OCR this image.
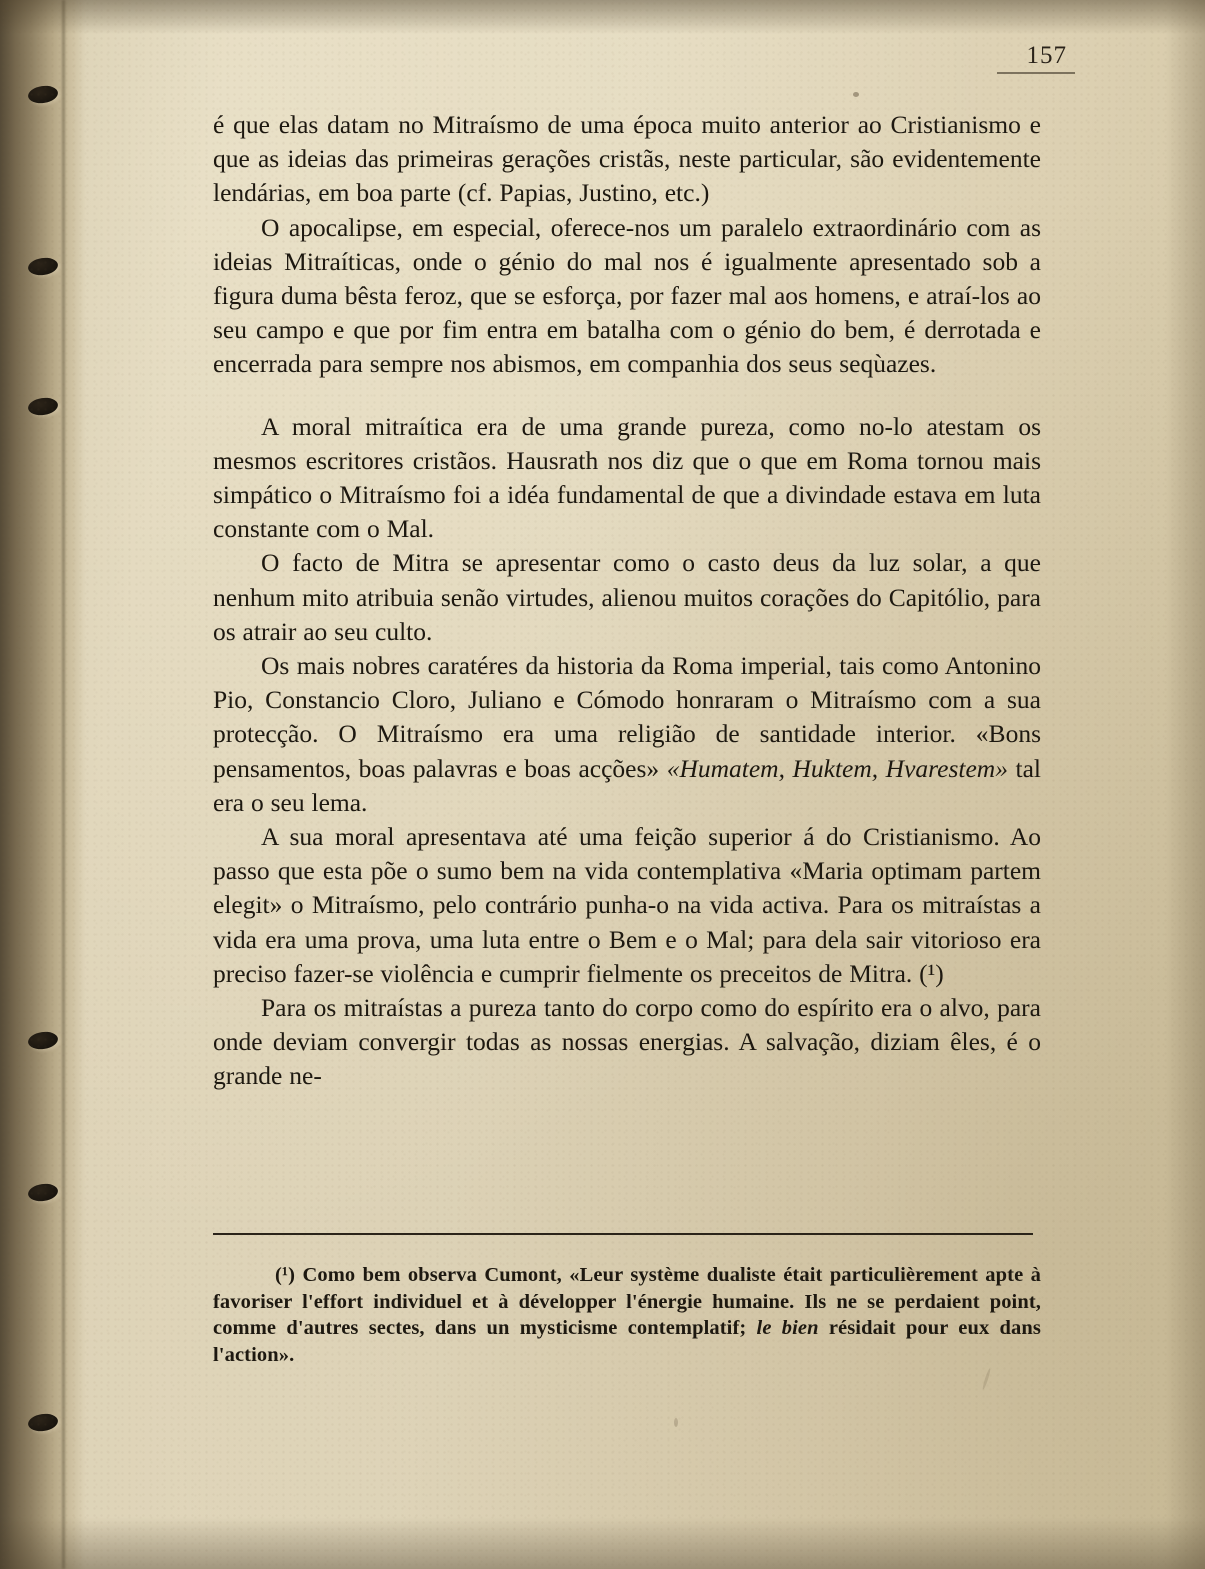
157

é que elas datam no Mitraísmo de uma época muito anterior ao Cristianismo e que as ideias das primeiras gerações cristãs, neste particular, são evidentemente lendárias, em boa parte (cf. Papias, Justino, etc.)

O apocalipse, em especial, oferece-nos um paralelo extraordinário com as ideias Mitraíticas, onde o génio do mal nos é igualmente apresentado sob a figura duma bêsta feroz, que se esforça, por fazer mal aos homens, e atraí-los ao seu campo e que por fim entra em batalha com o génio do bem, é derrotada e encerrada para sempre nos abismos, em companhia dos seus seqùazes.

A moral mitraítica era de uma grande pureza, como no-lo atestam os mesmos escritores cristãos. Hausrath nos diz que o que em Roma tornou mais simpático o Mitraísmo foi a idéa fundamental de que a divindade estava em luta constante com o Mal.

O facto de Mitra se apresentar como o casto deus da luz solar, a que nenhum mito atribuia senão virtudes, alienou muitos corações do Capitólio, para os atrair ao seu culto.

Os mais nobres caratéres da historia da Roma imperial, tais como Antonino Pio, Constancio Cloro, Juliano e Cómodo honraram o Mitraísmo com a sua protecção. O Mitraísmo era uma religião de santidade interior. «Bons pensamentos, boas palavras e boas acções» «Humatem, Huktem, Hvarestem» tal era o seu lema.

A sua moral apresentava até uma feição superior á do Cristianismo. Ao passo que esta põe o sumo bem na vida contemplativa «Maria optimam partem elegit» o Mitraísmo, pelo contrário punha-o na vida activa. Para os mitraístas a vida era uma prova, uma luta entre o Bem e o Mal; para dela sair vitorioso era preciso fazer-se violência e cumprir fielmente os preceitos de Mitra. (¹)

Para os mitraístas a pureza tanto do corpo como do espírito era o alvo, para onde deviam convergir todas as nossas energias. A salvação, diziam êles, é o grande ne-

(¹) Como bem observa Cumont, «Leur système dualiste était particulièrement apte à favoriser l'effort individuel et à développer l'énergie humaine. Ils ne se perdaient point, comme d'autres sectes, dans un mysticisme contemplatif; le bien résidait pour eux dans l'action».
